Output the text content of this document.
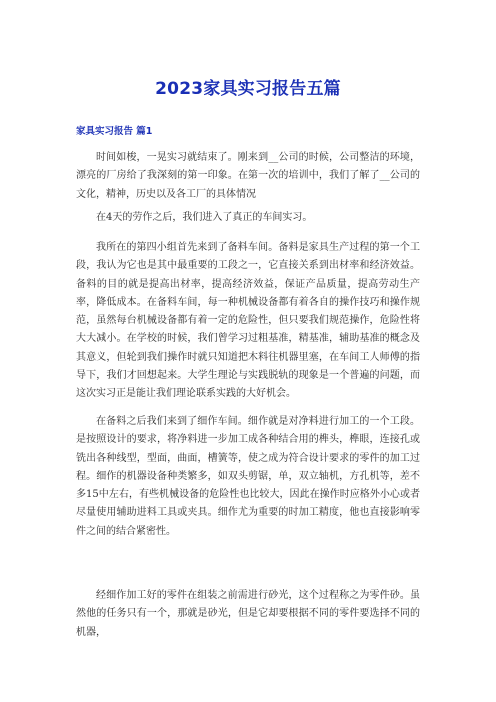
2023家具实习报告五篇
家具实习报告 篇1

时间如梭，一晃实习就结束了。刚来到__公司的时候，公司整洁的环境，漂亮的厂房给了我深刻的第一印象。在第一次的培训中，我们了解了__公司的文化，精神，历史以及各工厂的具体情况

在4天的劳作之后，我们进入了真正的车间实习。

我所在的第四小组首先来到了备料车间。备料是家具生产过程的第一个工段，我认为它也是其中最重要的工段之一，它直接关系到出材率和经济效益。备料的目的就是提高出材率，提高经济效益，保证产品质量，提高劳动生产率，降低成本。在备料车间，每一种机械设备都有着各自的操作技巧和操作规范，虽然每台机械设备都有着一定的危险性，但只要我们规范操作，危险性将大大减小。在学校的时候，我们曾学习过粗基准，精基准，辅助基准的概念及其意义，但轮到我们操作时就只知道把木料往机器里塞，在车间工人师傅的指导下，我们才回想起来。大学生理论与实践脱轨的现象是一个普遍的问题，而这次实习正是能让我们理论联系实践的大好机会。

在备料之后我们来到了细作车间。细作就是对净料进行加工的一个工段。是按照设计的要求，将净料进一步加工成各种结合用的榫头，榫眼，连接孔或铣出各种线型，型面，曲面，槽簧等，使之成为符合设计要求的零件的加工过程。细作的机器设备种类繁多，如双头剪锯，单，双立轴机，方孔机等，差不多15中左右，有些机械设备的危险性也比较大，因此在操作时应格外小心或者尽量使用辅助进料工具或夹具。细作尤为重要的时加工精度，他也直接影响零件之间的结合紧密性。

经细作加工好的零件在组装之前需进行砂光，这个过程称之为零件砂。虽然他的任务只有一个，那就是砂光，但是它却要根据不同的零件要选择不同的机器，
